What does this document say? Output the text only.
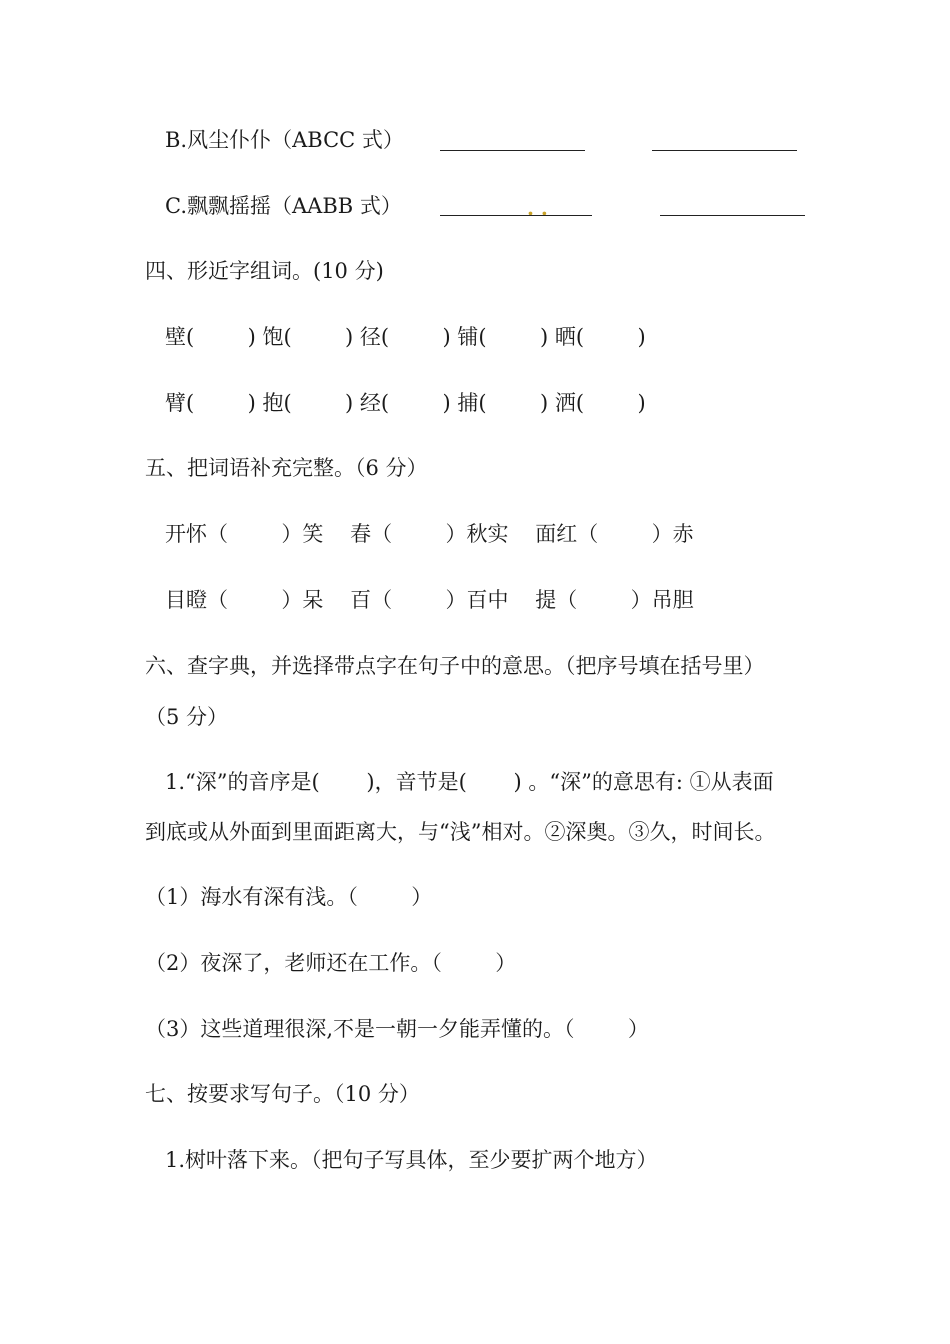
B.风尘仆仆（ABCC 式）
C.飘飘摇摇（AABB 式）	. .
四、形近字组词。(10 分)
壁(        ) 饱(        ) 径(        ) 铺(        ) 晒(        )
臂(        ) 抱(        ) 经(        ) 捕(        ) 洒(        )
五、把词语补充完整。（6 分）
开怀（        ）笑    春（        ）秋实    面红（        ）赤
目瞪（        ）呆    百（        ）百中    提（        ）吊胆
六、查字典，并选择带点字在句子中的意思。（把序号填在括号里）
（5 分）
1.“深”的音序是(       )，音节是(       ) 。“深”的意思有: ①从表面
到底或从外面到里面距离大，与“浅”相对。②深奥。③久，时间长。
（1）海水有深有浅。（        ）
（2）夜深了，老师还在工作。（        ）
（3）这些道理很深,不是一朝一夕能弄懂的。（        ）
七、按要求写句子。（10 分）
1.树叶落下来。（把句子写具体，至少要扩两个地方）
